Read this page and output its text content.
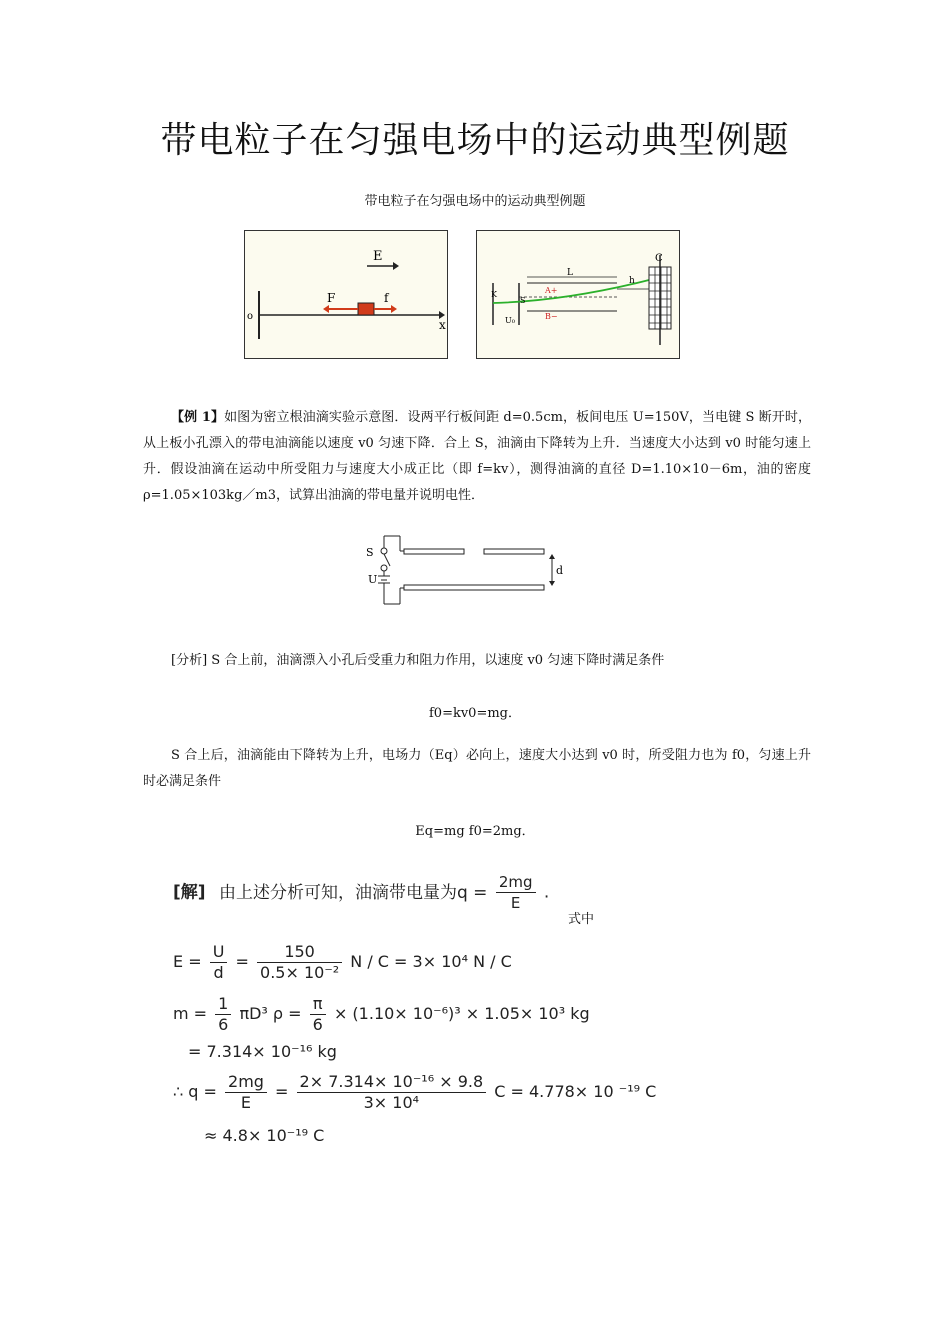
带电粒子在匀强电场中的运动典型例题
带电粒子在匀强电场中的运动典型例题
E
F	f
x
o
L
h
A+
B−
S
K
U₀
C
【例 1】如图为密立根油滴实验示意图．设两平行板间距 d=0.5cm，板间电压 U=150V，当电键 S 断开时，从上板小孔漂入的带电油滴能以速度 v0 匀速下降．合上 S，油滴由下降转为上升．当速度大小达到 v0 时能匀速上升．假设油滴在运动中所受阻力与速度大小成正比（即 f=kv），测得油滴的直径 D=1.10×10－6m，油的密度 ρ=1.05×103kg／m3，试算出油滴的带电量并说明电性．
S
U
d
[分析] S 合上前，油滴漂入小孔后受重力和阻力作用，以速度 v0 匀速下降时满足条件
f0=kv0=mg．
S 合上后，油滴能由下降转为上升，电场力（Eq）必向上，速度大小达到 v0 时，所受阻力也为 f0，匀速上升时必满足条件
Eq=mg f0=2mg．
[解] 由上述分析可知，油滴带电量为$q = \frac{2mg}{E}$ .
式中
$E = \frac{U}{d} = \frac{150}{\text{0.5× 10⁻²}}$ N / C = 3× 10⁴ N / C
$m = \frac{1}{6} \pi D^3$ $\rho = \frac{\pi}{6} \times (1.10\times 10^{-6})^3 \times 1.05\times 10^3$ kg
= 7.314× 10⁻¹⁶ kg
∴ $q = \frac{2mg}{E} = \frac{\text{2× 7.314× 10⁻¹⁶ × 9.8}}{\text{3× 10⁴}}$ C = 4.778× 10 ⁻¹⁹ C
≈ 4.8× 10⁻¹⁹ C
